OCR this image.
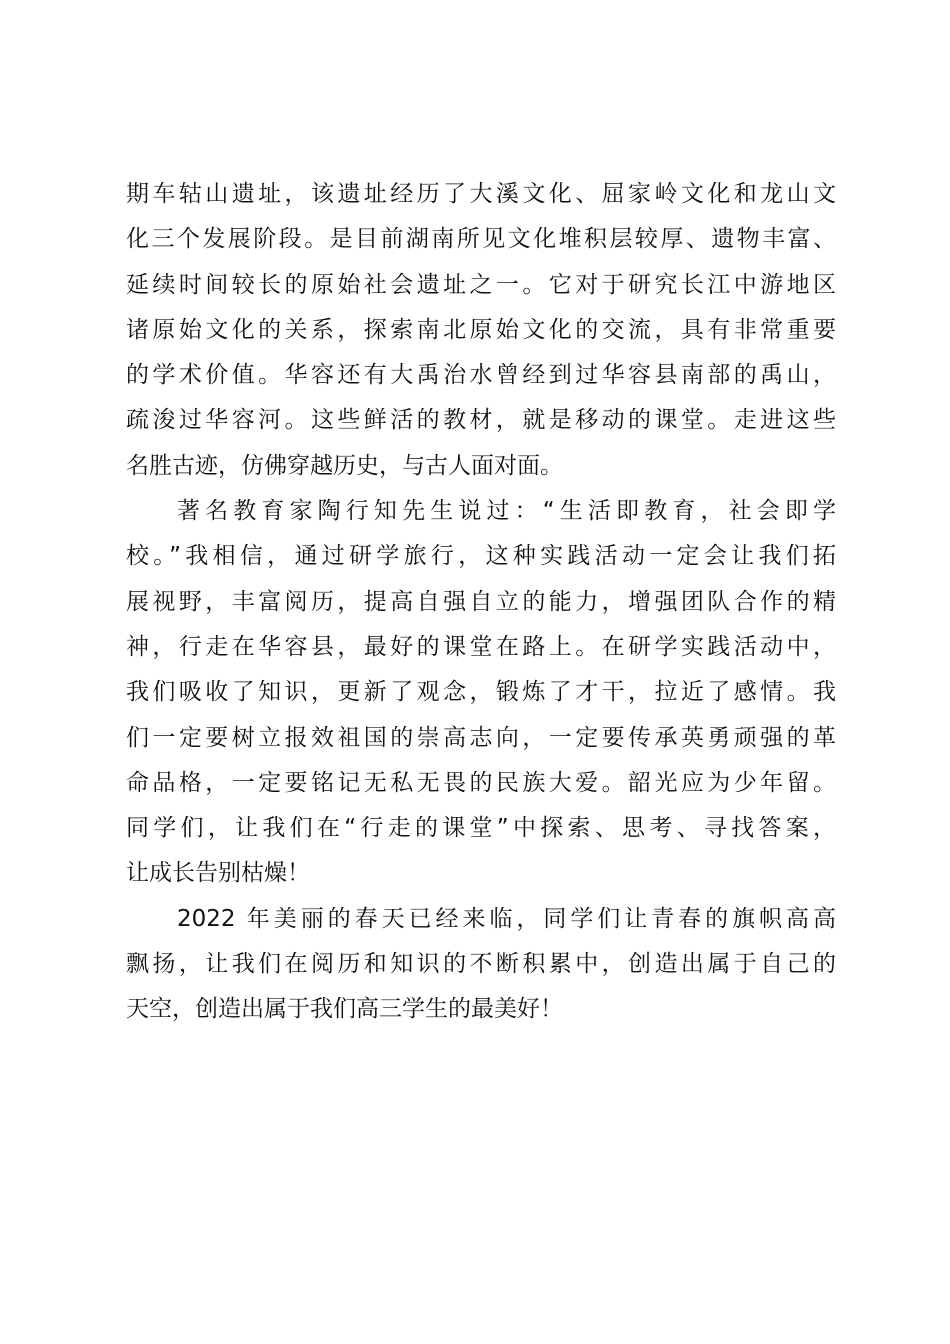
期车轱山遗址，该遗址经历了大溪文化、屈家岭文化和龙山文
化三个发展阶段。是目前湖南所见文化堆积层较厚、遗物丰富、
延续时间较长的原始社会遗址之一。它对于研究长江中游地区
诸原始文化的关系，探索南北原始文化的交流，具有非常重要
的学术价值。华容还有大禹治水曾经到过华容县南部的禹山，
疏浚过华容河。这些鲜活的教材，就是移动的课堂。走进这些
名胜古迹，仿佛穿越历史，与古人面对面。
著名教育家陶行知先生说过：“生活即教育，社会即学
校。”我相信，通过研学旅行，这种实践活动一定会让我们拓
展视野，丰富阅历，提高自强自立的能力，增强团队合作的精
神，行走在华容县，最好的课堂在路上。在研学实践活动中，
我们吸收了知识，更新了观念，锻炼了才干，拉近了感情。我
们一定要树立报效祖国的崇高志向，一定要传承英勇顽强的革
命品格，一定要铭记无私无畏的民族大爱。韶光应为少年留。
同学们，让我们在“行走的课堂”中探索、思考、寻找答案，
让成长告别枯燥！
2022 年美丽的春天已经来临，同学们让青春的旗帜高高
飘扬，让我们在阅历和知识的不断积累中，创造出属于自己的
天空，创造出属于我们高三学生的最美好！
